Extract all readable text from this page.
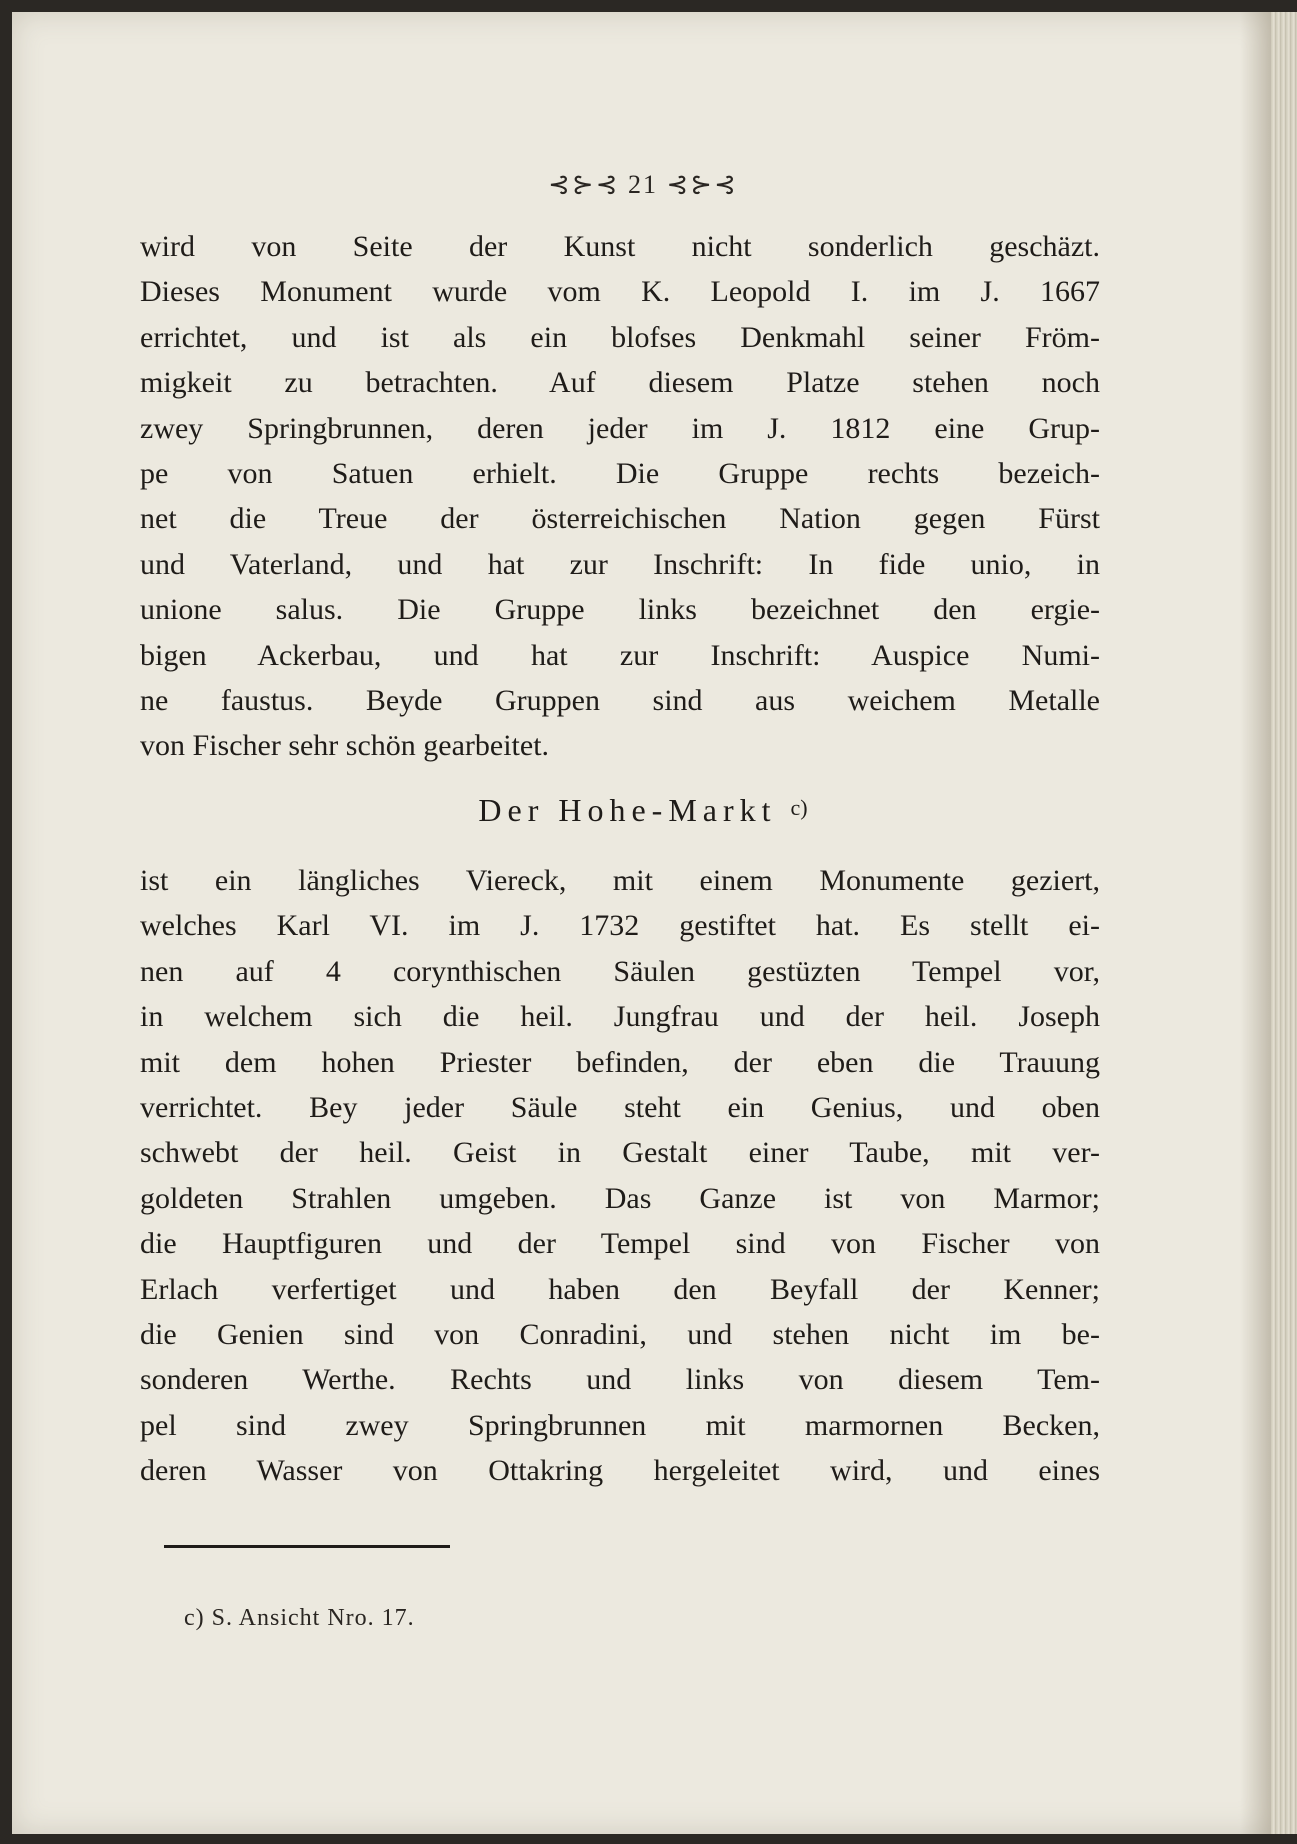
⊰⊱⊰ 21 ⊰⊱⊰
wird von Seite der Kunst nicht sonderlich geschäzt.
Dieses Monument wurde vom K. Leopold I. im J. 1667
errichtet, und ist als ein blofses Denkmahl seiner Fröm-
migkeit zu betrachten. Auf diesem Platze stehen noch
zwey Springbrunnen, deren jeder im J. 1812 eine Grup-
pe von Satuen erhielt. Die Gruppe rechts bezeich-
net die Treue der österreichischen Nation gegen Fürst
und Vaterland, und hat zur Inschrift: In fide unio, in
unione salus. Die Gruppe links bezeichnet den ergie-
bigen Ackerbau, und hat zur Inschrift: Auspice Numi-
ne faustus. Beyde Gruppen sind aus weichem Metalle
von Fischer sehr schön gearbeitet.
Der Hohe-Markt $^{c)}$
ist ein längliches Viereck, mit einem Monumente geziert,
welches Karl VI. im J. 1732 gestiftet hat. Es stellt ei-
nen auf 4 corynthischen Säulen gestüzten Tempel vor,
in welchem sich die heil. Jungfrau und der heil. Joseph
mit dem hohen Priester befinden, der eben die Trauung
verrichtet. Bey jeder Säule steht ein Genius, und oben
schwebt der heil. Geist in Gestalt einer Taube, mit ver-
goldeten Strahlen umgeben. Das Ganze ist von Marmor;
die Hauptfiguren und der Tempel sind von Fischer von
Erlach verfertiget und haben den Beyfall der Kenner;
die Genien sind von Conradini, und stehen nicht im be-
sonderen Werthe. Rechts und links von diesem Tem-
pel sind zwey Springbrunnen mit marmornen Becken,
deren Wasser von Ottakring hergeleitet wird, und eines
c) S. Ansicht Nro. 17.
